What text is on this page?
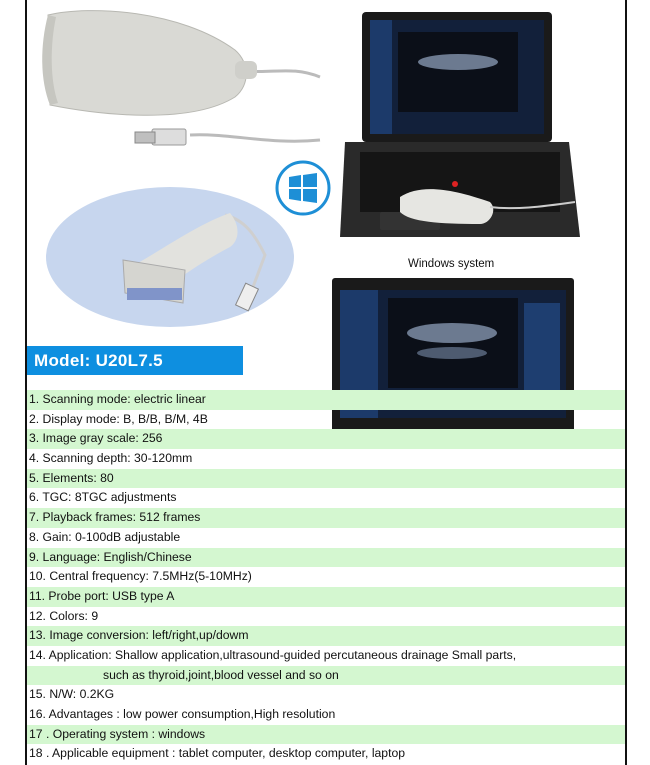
Windows system
Model: U20L7.5
1. Scanning mode: electric linear
2. Display mode: B, B/B, B/M, 4B
3. Image gray scale: 256
4. Scanning depth: 30-120mm
5. Elements: 80
6. TGC: 8TGC adjustments
7. Playback frames: 512 frames
8. Gain: 0-100dB adjustable
9. Language: English/Chinese
10. Central frequency: 7.5MHz(5-10MHz)
11. Probe port: USB type A
12. Colors: 9
13. Image conversion: left/right,up/dowm
14. Application: Shallow application,ultrasound-guided percutaneous drainage Small parts,
such as thyroid,joint,blood vessel and so on
15. N/W: 0.2KG
16. Advantages : low power consumption,High resolution
17 . Operating system : windows
18 . Applicable equipment : tablet computer, desktop computer, laptop
